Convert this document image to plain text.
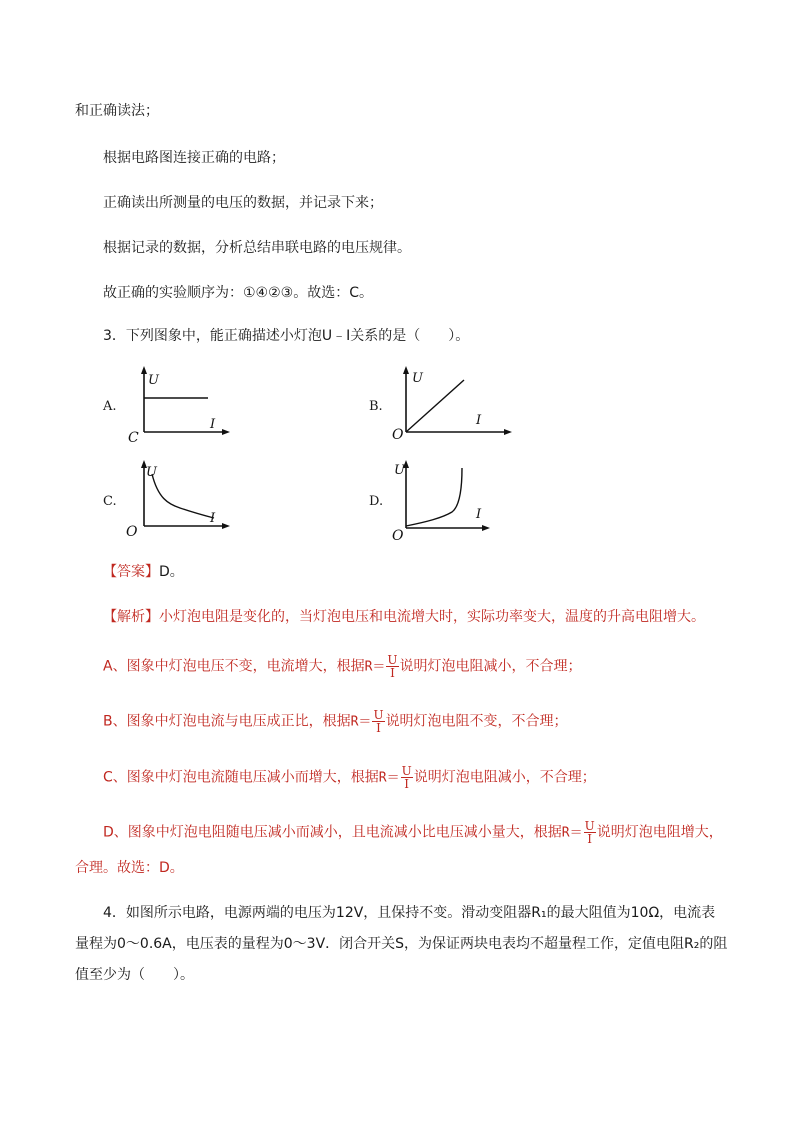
和正确读法；
根据电路图连接正确的电路；
正确读出所测量的电压的数据，并记录下来；
根据记录的数据，分析总结串联电路的电压规律。
故正确的实验顺序为：①④②③。故选：C。
3．下列图象中，能正确描述小灯泡U﹣I关系的是（　　）。
A.
U
I
C
B.
U
I
O
C.
U
I
O
D.
U
I
O
【答案】D。
【解析】小灯泡电阻是变化的，当灯泡电压和电流增大时，实际功率变大，温度的升高电阻增大。
A、图象中灯泡电压不变，电流增大，根据$R= \frac{U}{I}$ 说明灯泡电阻减小，不合理；
B、图象中灯泡电流与电压成正比，根据$R= \frac{U}{I}$ 说明灯泡电阻不变，不合理；
C、图象中灯泡电流随电压减小而增大，根据$R= \frac{U}{I}$ 说明灯泡电阻减小，不合理；
D、图象中灯泡电阻随电压减小而减小，且电流减小比电压减小量大，根据$R= \frac{U}{I}$ 说明灯泡电阻增大，
合理。故选：D。
4．如图所示电路，电源两端的电压为12V，且保持不变。滑动变阻器R₁的最大阻值为10Ω，电流表
量程为0～0.6A，电压表的量程为0～3V．闭合开关S，为保证两块电表均不超量程工作，定值电阻R₂的阻
值至少为（　　）。
